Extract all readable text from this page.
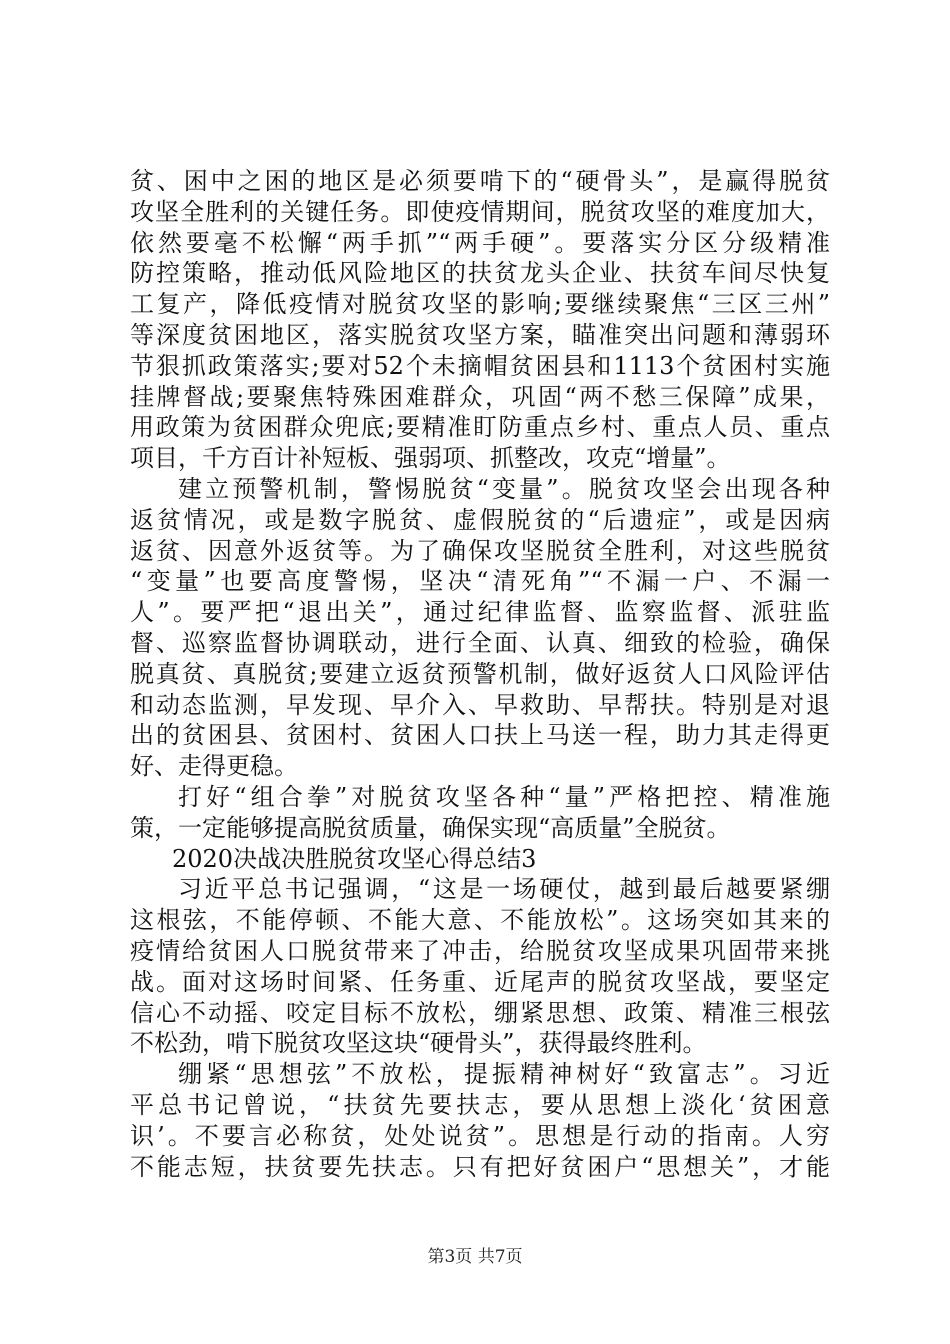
贫、困中之困的地区是必须要啃下的“硬骨头”，是赢得脱贫
攻坚全胜利的关键任务。即使疫情期间，脱贫攻坚的难度加大，
依然要毫不松懈“两手抓”“两手硬”。要落实分区分级精准
防控策略，推动低风险地区的扶贫龙头企业、扶贫车间尽快复
工复产，降低疫情对脱贫攻坚的影响;要继续聚焦“三区三州”
等深度贫困地区，落实脱贫攻坚方案，瞄准突出问题和薄弱环
节狠抓政策落实;要对52个未摘帽贫困县和1113个贫困村实施
挂牌督战;要聚焦特殊困难群众，巩固“两不愁三保障”成果，
用政策为贫困群众兜底;要精准盯防重点乡村、重点人员、重点
项目，千方百计补短板、强弱项、抓整改，攻克“增量”。
建立预警机制，警惕脱贫“变量”。脱贫攻坚会出现各种
返贫情况，或是数字脱贫、虚假脱贫的“后遗症”，或是因病
返贫、因意外返贫等。为了确保攻坚脱贫全胜利，对这些脱贫
“变量”也要高度警惕，坚决“清死角”“不漏一户、不漏一
人”。要严把“退出关”，通过纪律监督、监察监督、派驻监
督、巡察监督协调联动，进行全面、认真、细致的检验，确保
脱真贫、真脱贫;要建立返贫预警机制，做好返贫人口风险评估
和动态监测，早发现、早介入、早救助、早帮扶。特别是对退
出的贫困县、贫困村、贫困人口扶上马送一程，助力其走得更
好、走得更稳。
打好“组合拳”对脱贫攻坚各种“量”严格把控、精准施
策，一定能够提高脱贫质量，确保实现“高质量”全脱贫。
2020决战决胜脱贫攻坚心得总结3
习近平总书记强调，“这是一场硬仗，越到最后越要紧绷
这根弦，不能停顿、不能大意、不能放松”。这场突如其来的
疫情给贫困人口脱贫带来了冲击，给脱贫攻坚成果巩固带来挑
战。面对这场时间紧、任务重、近尾声的脱贫攻坚战，要坚定
信心不动摇、咬定目标不放松，绷紧思想、政策、精准三根弦
不松劲，啃下脱贫攻坚这块“硬骨头”，获得最终胜利。
绷紧“思想弦”不放松，提振精神树好“致富志”。习近
平总书记曾说，“扶贫先要扶志，要从思想上淡化‘贫困意
识’。不要言必称贫，处处说贫”。思想是行动的指南。人穷
不能志短，扶贫要先扶志。只有把好贫困户“思想关”，才能
第3页 共7页
